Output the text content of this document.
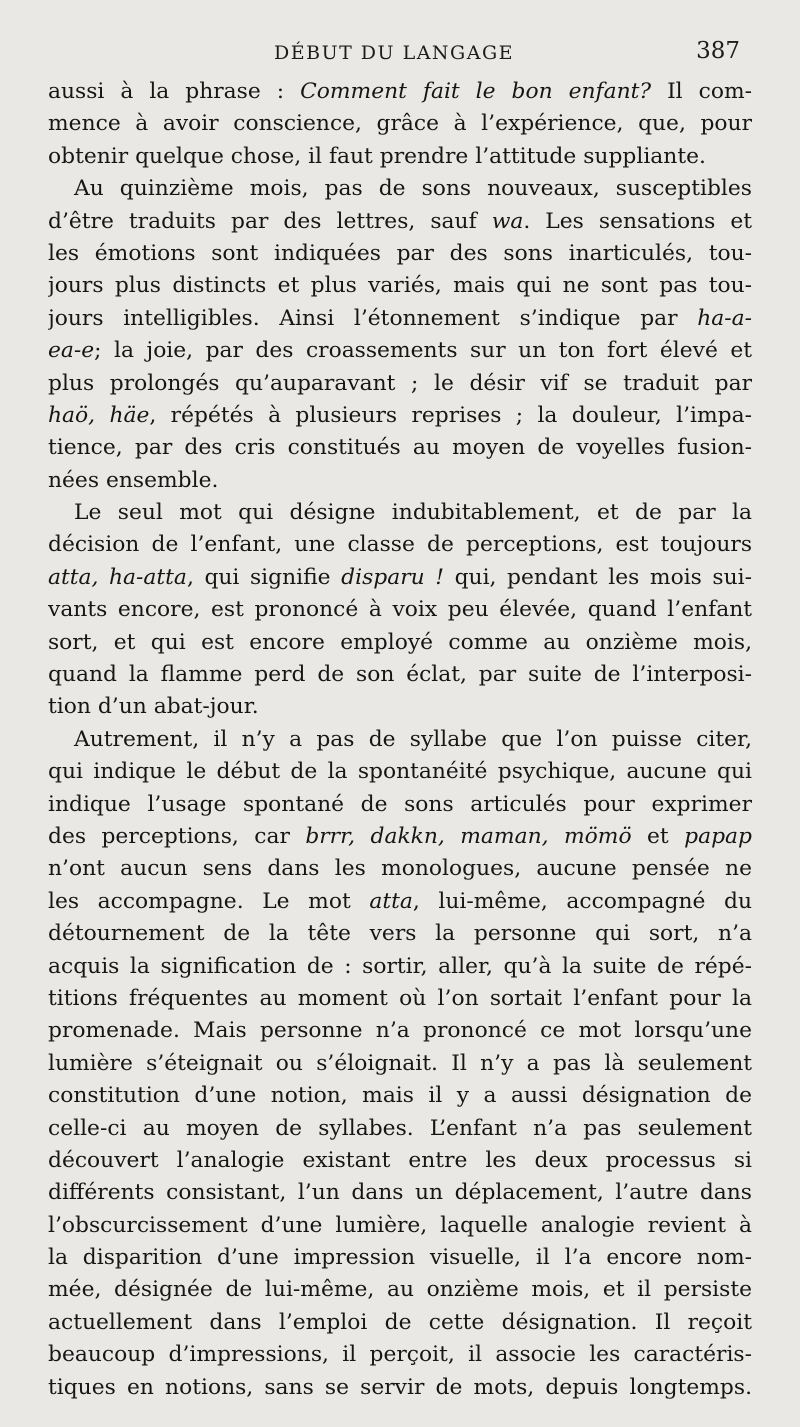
DÉBUT DU LANGAGE	387
aussi à la phrase : Comment fait le bon enfant? Il com-
mence à avoir conscience, grâce à l’expérience, que, pour
obtenir quelque chose, il faut prendre l’attitude suppliante.
Au quinzième mois, pas de sons nouveaux, susceptibles
d’être traduits par des lettres, sauf wa. Les sensations et
les émotions sont indiquées par des sons inarticulés, tou-
jours plus distincts et plus variés, mais qui ne sont pas tou-
jours intelligibles. Ainsi l’étonnement s’indique par ha-a-
ea-e; la joie, par des croassements sur un ton fort élevé et
plus prolongés qu’auparavant ; le désir vif se traduit par
haö, häe, répétés à plusieurs reprises ; la douleur, l’impa-
tience, par des cris constitués au moyen de voyelles fusion-
nées ensemble.
Le seul mot qui désigne indubitablement, et de par la
décision de l’enfant, une classe de perceptions, est toujours
atta, ha-atta, qui signifie disparu ! qui, pendant les mois sui-
vants encore, est prononcé à voix peu élevée, quand l’enfant
sort, et qui est encore employé comme au onzième mois,
quand la flamme perd de son éclat, par suite de l’interposi-
tion d’un abat-jour.
Autrement, il n’y a pas de syllabe que l’on puisse citer,
qui indique le début de la spontanéité psychique, aucune qui
indique l’usage spontané de sons articulés pour exprimer
des perceptions, car brrr, dakkn, maman, mömö et papap
n’ont aucun sens dans les monologues, aucune pensée ne
les accompagne. Le mot atta, lui-même, accompagné du
détournement de la tête vers la personne qui sort, n’a
acquis la signification de : sortir, aller, qu’à la suite de répé-
titions fréquentes au moment où l’on sortait l’enfant pour la
promenade. Mais personne n’a prononcé ce mot lorsqu’une
lumière s’éteignait ou s’éloignait. Il n’y a pas là seulement
constitution d’une notion, mais il y a aussi désignation de
celle-ci au moyen de syllabes. L’enfant n’a pas seulement
découvert l’analogie existant entre les deux processus si
différents consistant, l’un dans un déplacement, l’autre dans
l’obscurcissement d’une lumière, laquelle analogie revient à
la disparition d’une impression visuelle, il l’a encore nom-
mée, désignée de lui-même, au onzième mois, et il persiste
actuellement dans l’emploi de cette désignation. Il reçoit
beaucoup d’impressions, il perçoit, il associe les caractéris-
tiques en notions, sans se servir de mots, depuis longtemps.
